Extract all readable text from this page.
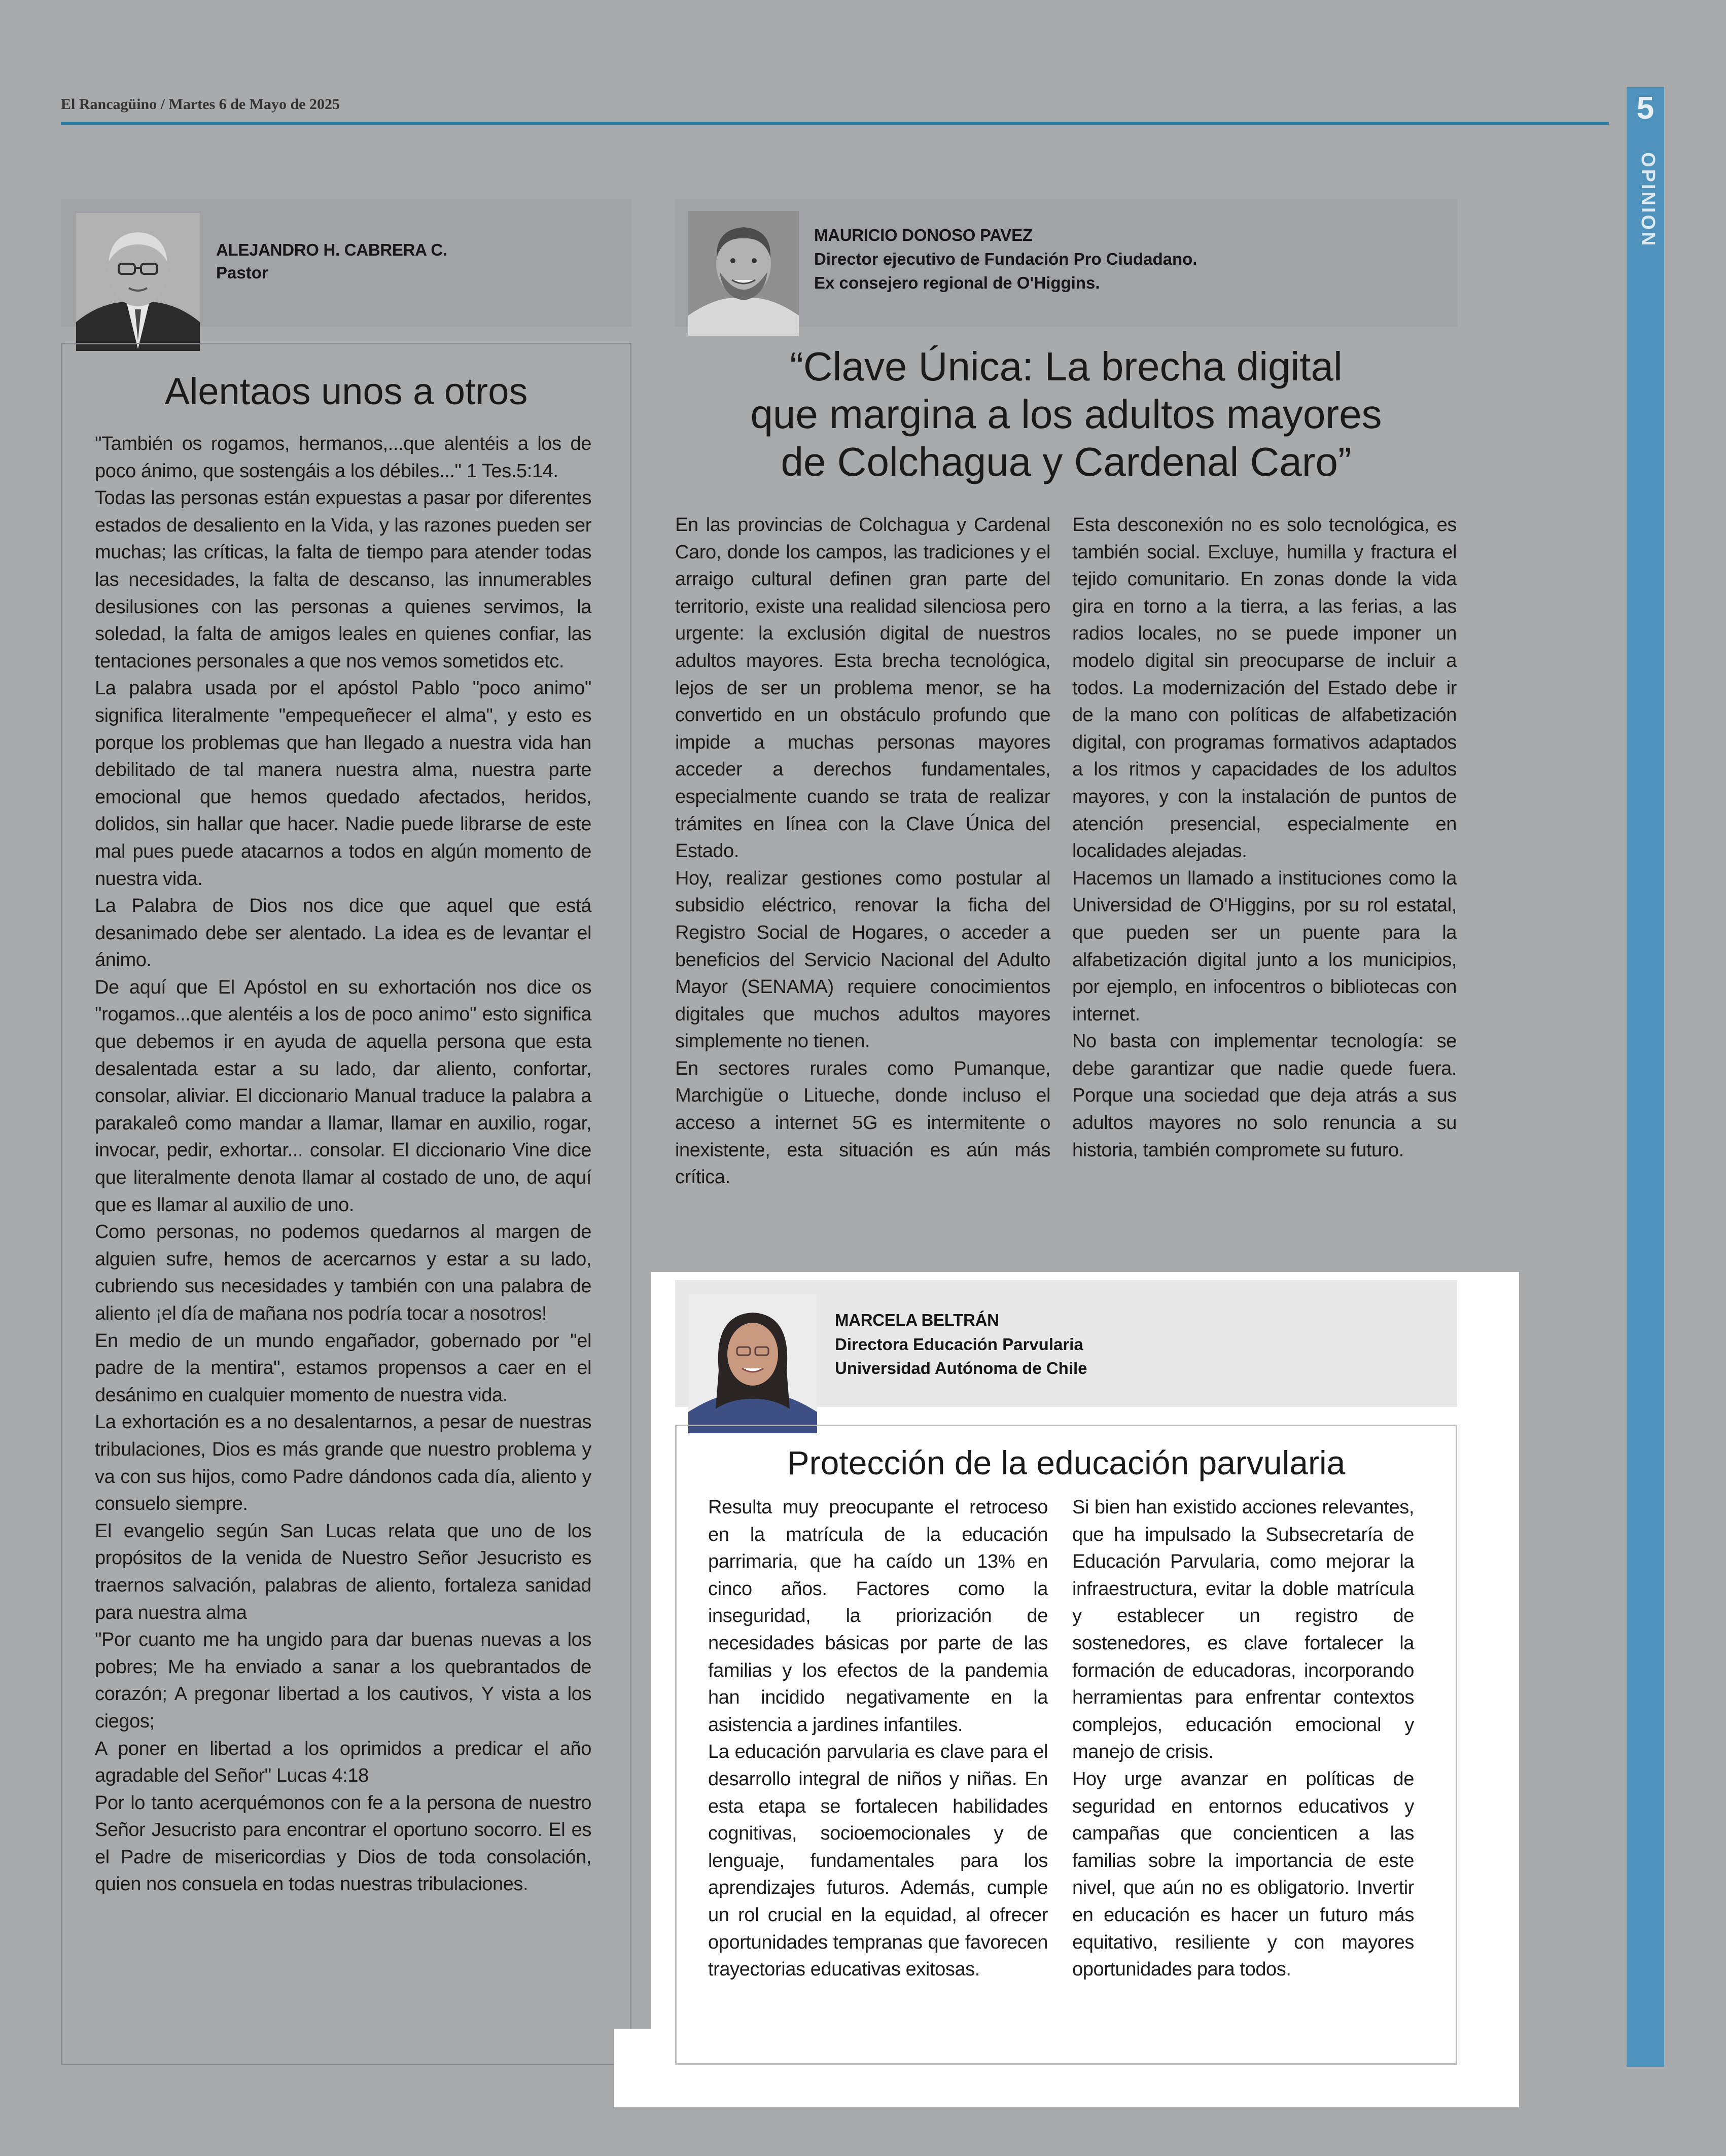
El Rancagüino / Martes 6 de Mayo de 2025	5
OPINION
ALEJANDRO H. CABRERA C.
Pastor
Alentaos unos a otros

"También os rogamos, hermanos,...que alentéis a los de poco ánimo, que sostengáis a los débiles..." 1 Tes.5:14.

Todas las personas están expuestas a pasar por diferentes estados de desaliento en la Vida, y las razones pueden ser muchas; las críticas, la falta de tiempo para atender todas las necesidades, la falta de descanso, las innumerables desilusiones con las personas a quienes servimos, la soledad, la falta de amigos leales en quienes confiar, las tentaciones personales a que nos vemos sometidos etc.

La palabra usada por el apóstol Pablo "poco animo" significa literalmente "empequeñecer el alma", y esto es porque los problemas que han llegado a nuestra vida han debilitado de tal manera nuestra alma, nuestra parte emocional que hemos quedado afectados, heridos, dolidos, sin hallar que hacer. Nadie puede librarse de este mal pues puede atacarnos a todos en algún momento de nuestra vida.

La Palabra de Dios nos dice que aquel que está desanimado debe ser alentado. La idea es de levantar el ánimo.

De aquí que El Apóstol en su exhortación nos dice os "rogamos...que alentéis a los de poco animo" esto significa que debemos ir en ayuda de aquella persona que esta desalentada estar a su lado, dar aliento, confortar, consolar, aliviar. El diccionario Manual traduce la palabra a parakaleô como mandar a llamar, llamar en auxilio, rogar, invocar, pedir, exhortar... consolar. El diccionario Vine dice que literalmente denota llamar al costado de uno, de aquí que es llamar al auxilio de uno.

Como personas, no podemos quedarnos al margen de alguien sufre, hemos de acercarnos y estar a su lado, cubriendo sus necesidades y también con una palabra de aliento ¡el día de mañana nos podría tocar a nosotros!

En medio de un mundo engañador, gobernado por "el padre de la mentira", estamos propensos a caer en el desánimo en cualquier momento de nuestra vida.

La exhortación es a no desalentarnos, a pesar de nuestras tribulaciones, Dios es más grande que nuestro problema y va con sus hijos, como Padre dándonos cada día, aliento y consuelo siempre.

El evangelio según San Lucas relata que uno de los propósitos de la venida de Nuestro Señor Jesucristo es traernos salvación, palabras de aliento, fortaleza sanidad para nuestra alma

"Por cuanto me ha ungido para dar buenas nuevas a los pobres; Me ha enviado a sanar a los quebrantados de corazón; A pregonar libertad a los cautivos, Y vista a los ciegos;

A poner en libertad a los oprimidos a predicar el año agradable del Señor" Lucas 4:18

Por lo tanto acerquémonos con fe a la persona de nuestro Señor Jesucristo para encontrar el oportuno socorro. El es el Padre de misericordias y Dios de toda consolación, quien nos consuela en todas nuestras tribulaciones.

MAURICIO DONOSO PAVEZ
Director ejecutivo de Fundación Pro Ciudadano.
Ex consejero regional de O'Higgins.
“Clave Única: La brecha digital
que margina a los adultos mayores
de Colchagua y Cardenal Caro”

En las provincias de Colchagua y Cardenal Caro, donde los campos, las tradiciones y el arraigo cultural definen gran parte del territorio, existe una realidad silenciosa pero urgente: la exclusión digital de nuestros adultos mayores. Esta brecha tecnológica, lejos de ser un problema menor, se ha convertido en un obstáculo profundo que impide a muchas personas mayores acceder a derechos fundamentales, especialmente cuando se trata de realizar trámites en línea con la Clave Única del Estado.

Hoy, realizar gestiones como postular al subsidio eléctrico, renovar la ficha del Registro Social de Hogares, o acceder a beneficios del Servicio Nacional del Adulto Mayor (SENAMA) requiere conocimientos digitales que muchos adultos mayores simplemente no tienen.

En sectores rurales como Pumanque, Marchigüe o Litueche, donde incluso el acceso a internet 5G es intermitente o inexistente, esta situación es aún más crítica.

Esta desconexión no es solo tecnológica, es también social. Excluye, humilla y fractura el tejido comunitario. En zonas donde la vida gira en torno a la tierra, a las ferias, a las radios locales, no se puede imponer un modelo digital sin preocuparse de incluir a todos. La modernización del Estado debe ir de la mano con políticas de alfabetización digital, con programas formativos adaptados a los ritmos y capacidades de los adultos mayores, y con la instalación de puntos de atención presencial, especialmente en localidades alejadas.

Hacemos un llamado a instituciones como la Universidad de O'Higgins, por su rol estatal, que pueden ser un puente para la alfabetización digital junto a los municipios, por ejemplo, en infocentros o bibliotecas con internet.

No basta con implementar tecnología: se debe garantizar que nadie quede fuera. Porque una sociedad que deja atrás a sus adultos mayores no solo renuncia a su historia, también compromete su futuro.

MARCELA BELTRÁN
Directora Educación Parvularia
Universidad Autónoma de Chile
Protección de la educación parvularia

Resulta muy preocupante el retroceso en la matrícula de la educación parrimaria, que ha caído un 13% en cinco años. Factores como la inseguridad, la priorización de necesidades básicas por parte de las familias y los efectos de la pandemia han incidido negativamente en la asistencia a jardines infantiles.

La educación parvularia es clave para el desarrollo integral de niños y niñas. En esta etapa se fortalecen habilidades cognitivas, socioemocionales y de lenguaje, fundamentales para los aprendizajes futuros. Además, cumple un rol crucial en la equidad, al ofrecer oportunidades tempranas que favorecen trayectorias educativas exitosas.

Si bien han existido acciones relevantes, que ha impulsado la Subsecretaría de Educación Parvularia, como mejorar la infraestructura, evitar la doble matrícula y establecer un registro de sostenedores, es clave fortalecer la formación de educadoras, incorporando herramientas para enfrentar contextos complejos, educación emocional y manejo de crisis.

Hoy urge avanzar en políticas de seguridad en entornos educativos y campañas que concienticen a las familias sobre la importancia de este nivel, que aún no es obligatorio. Invertir en educación es hacer un futuro más equitativo, resiliente y con mayores oportunidades para todos.
